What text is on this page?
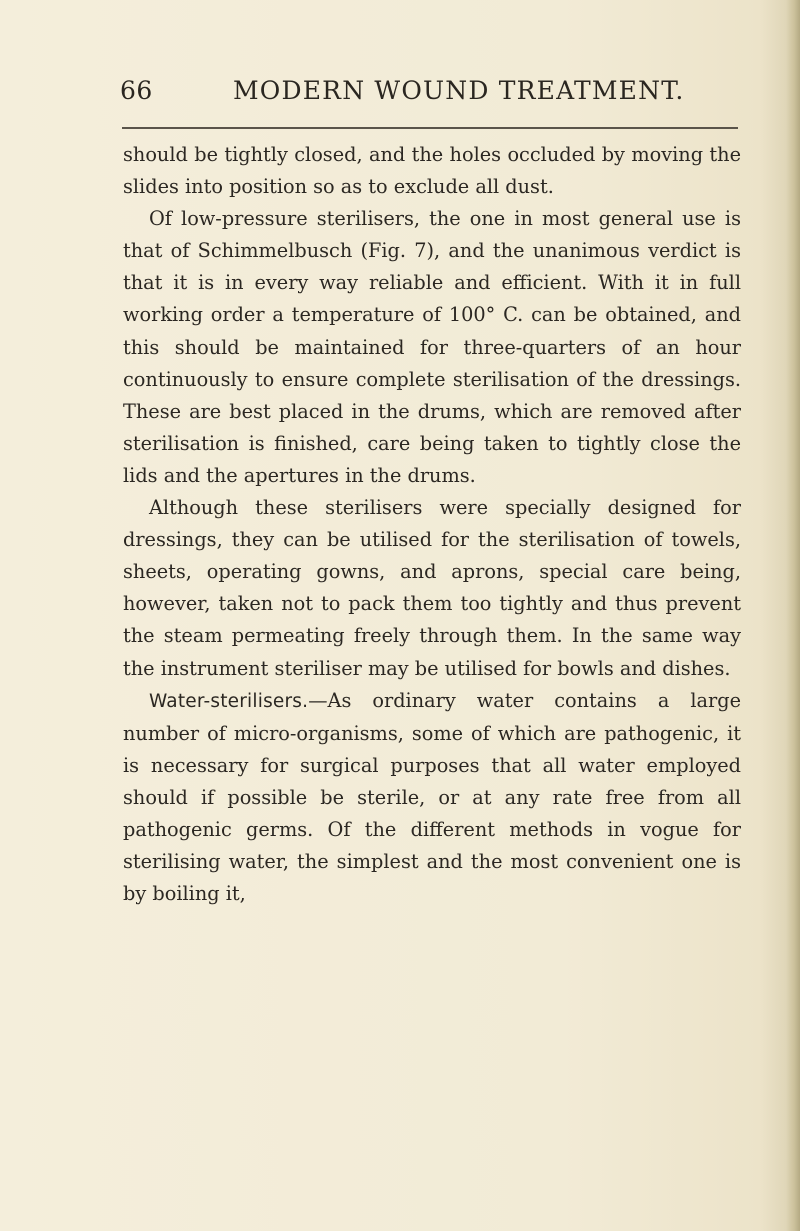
66	MODERN WOUND TREATMENT.

should be tightly closed, and the holes occluded by moving the slides into position so as to exclude all dust.

Of low-pressure sterilisers, the one in most general use is that of Schimmelbusch (Fig. 7), and the unanimous verdict is that it is in every way reliable and efficient. With it in full working order a temperature of 100° C. can be obtained, and this should be maintained for three-quarters of an hour continuously to ensure complete sterilisation of the dressings. These are best placed in the drums, which are removed after sterilisation is finished, care being taken to tightly close the lids and the apertures in the drums.

Although these sterilisers were specially designed for dressings, they can be utilised for the sterilisation of towels, sheets, operating gowns, and aprons, special care being, however, taken not to pack them too tightly and thus prevent the steam permeating freely through them. In the same way the instrument steriliser may be utilised for bowls and dishes.

Water-sterilisers.—As ordinary water contains a large number of micro-organisms, some of which are pathogenic, it is necessary for surgical purposes that all water employed should if possible be sterile, or at any rate free from all pathogenic germs. Of the different methods in vogue for sterilising water, the simplest and the most convenient one is by boiling it,
